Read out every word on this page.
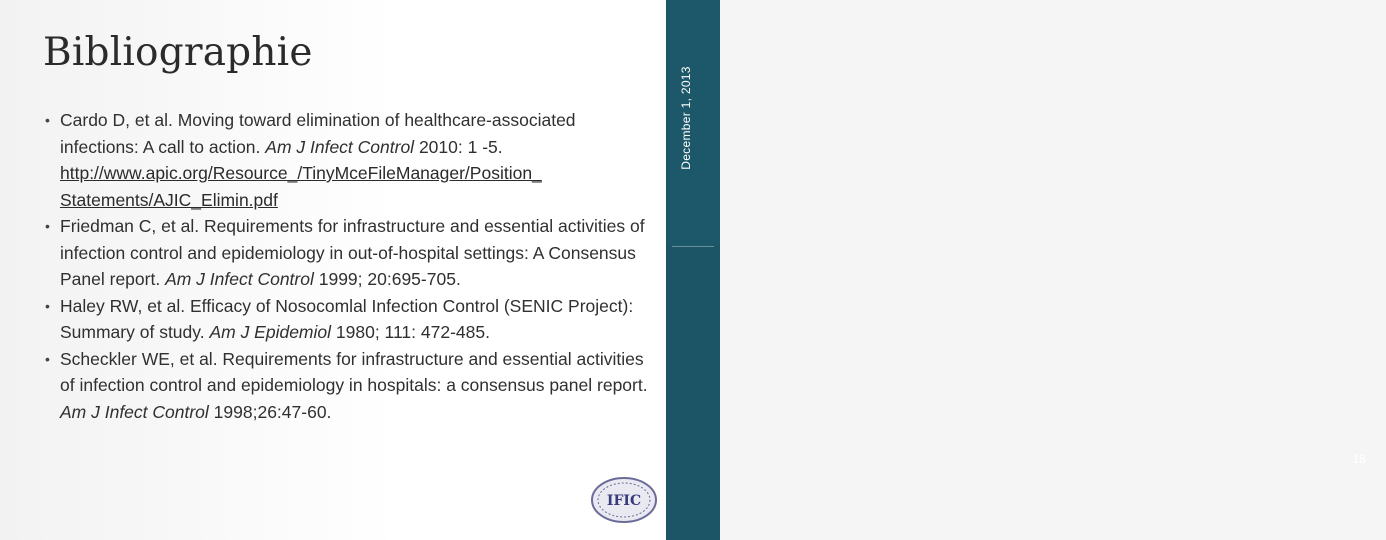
18
December 1, 2013
Bibliographie
• Cardo D, et al. Moving toward elimination of healthcare-associated infections: A call to action. Am J Infect Control 2010: 1 -5. http://www.apic.org/Resource_/TinyMceFileManager/Position_ Statements/AJIC_Elimin.pdf
• Friedman C, et al. Requirements for infrastructure and essential activities of infection control and epidemiology in out-of-hospital settings: A Consensus Panel report. Am J Infect Control 1999; 20:695-705.
• Haley RW, et al. Efficacy of Nosocomlal Infection Control (SENIC Project): Summary of study. Am J Epidemiol 1980; 111: 472-485.
• Scheckler WE, et al. Requirements for infrastructure and essential activities of infection control and epidemiology in hospitals: a consensus panel report. Am J Infect Control 1998;26:47-60.
IFIC
